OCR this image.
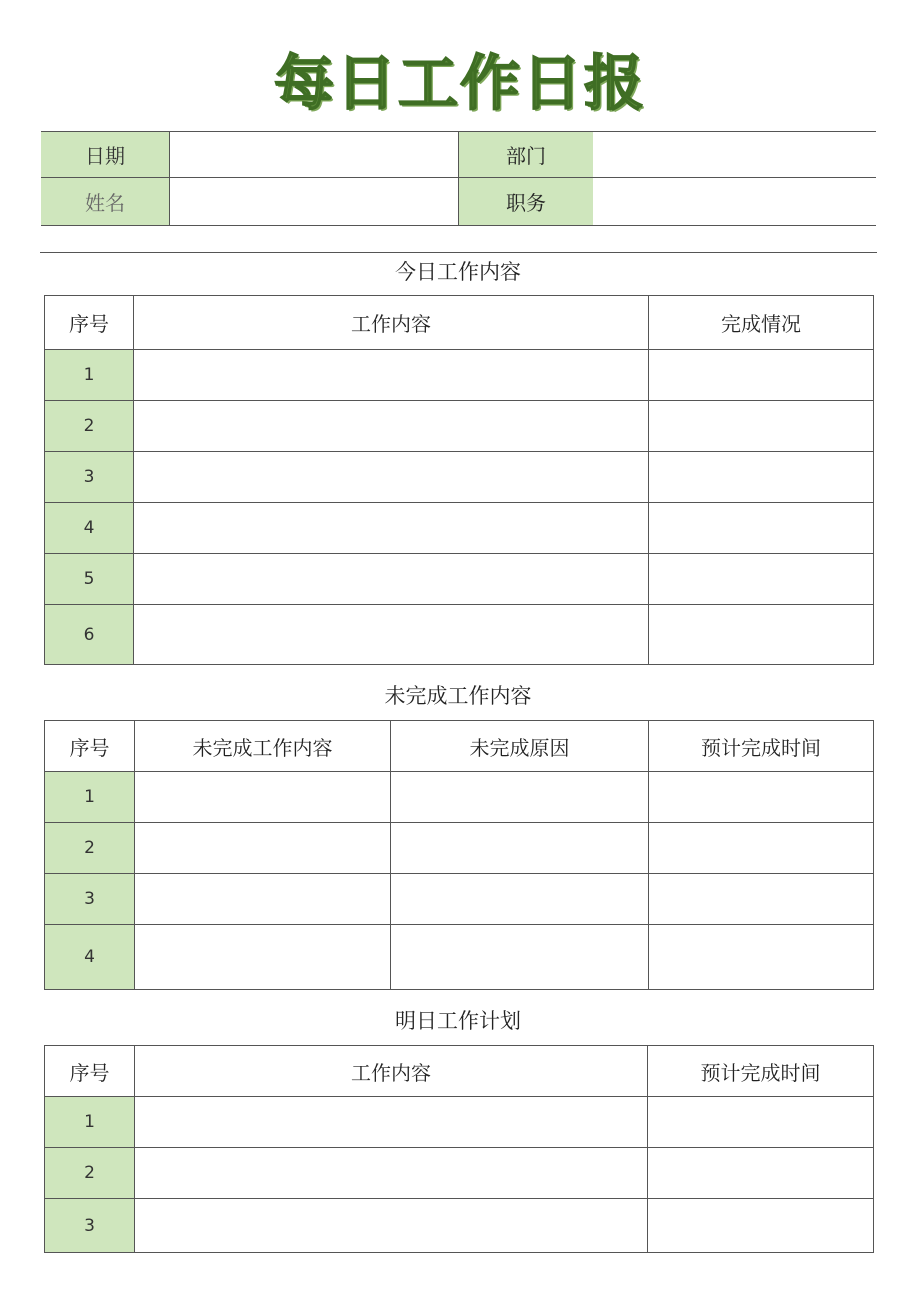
每日工作日报
日期		部门	
姓名		职务	
今日工作内容
序号	工作内容	完成情况
1		
2		
3		
4		
5		
6		
未完成工作内容
序号	未完成工作内容	未完成原因	预计完成时间
1			
2			
3			
4			
明日工作计划
序号	工作内容	预计完成时间
1		
2		
3		
